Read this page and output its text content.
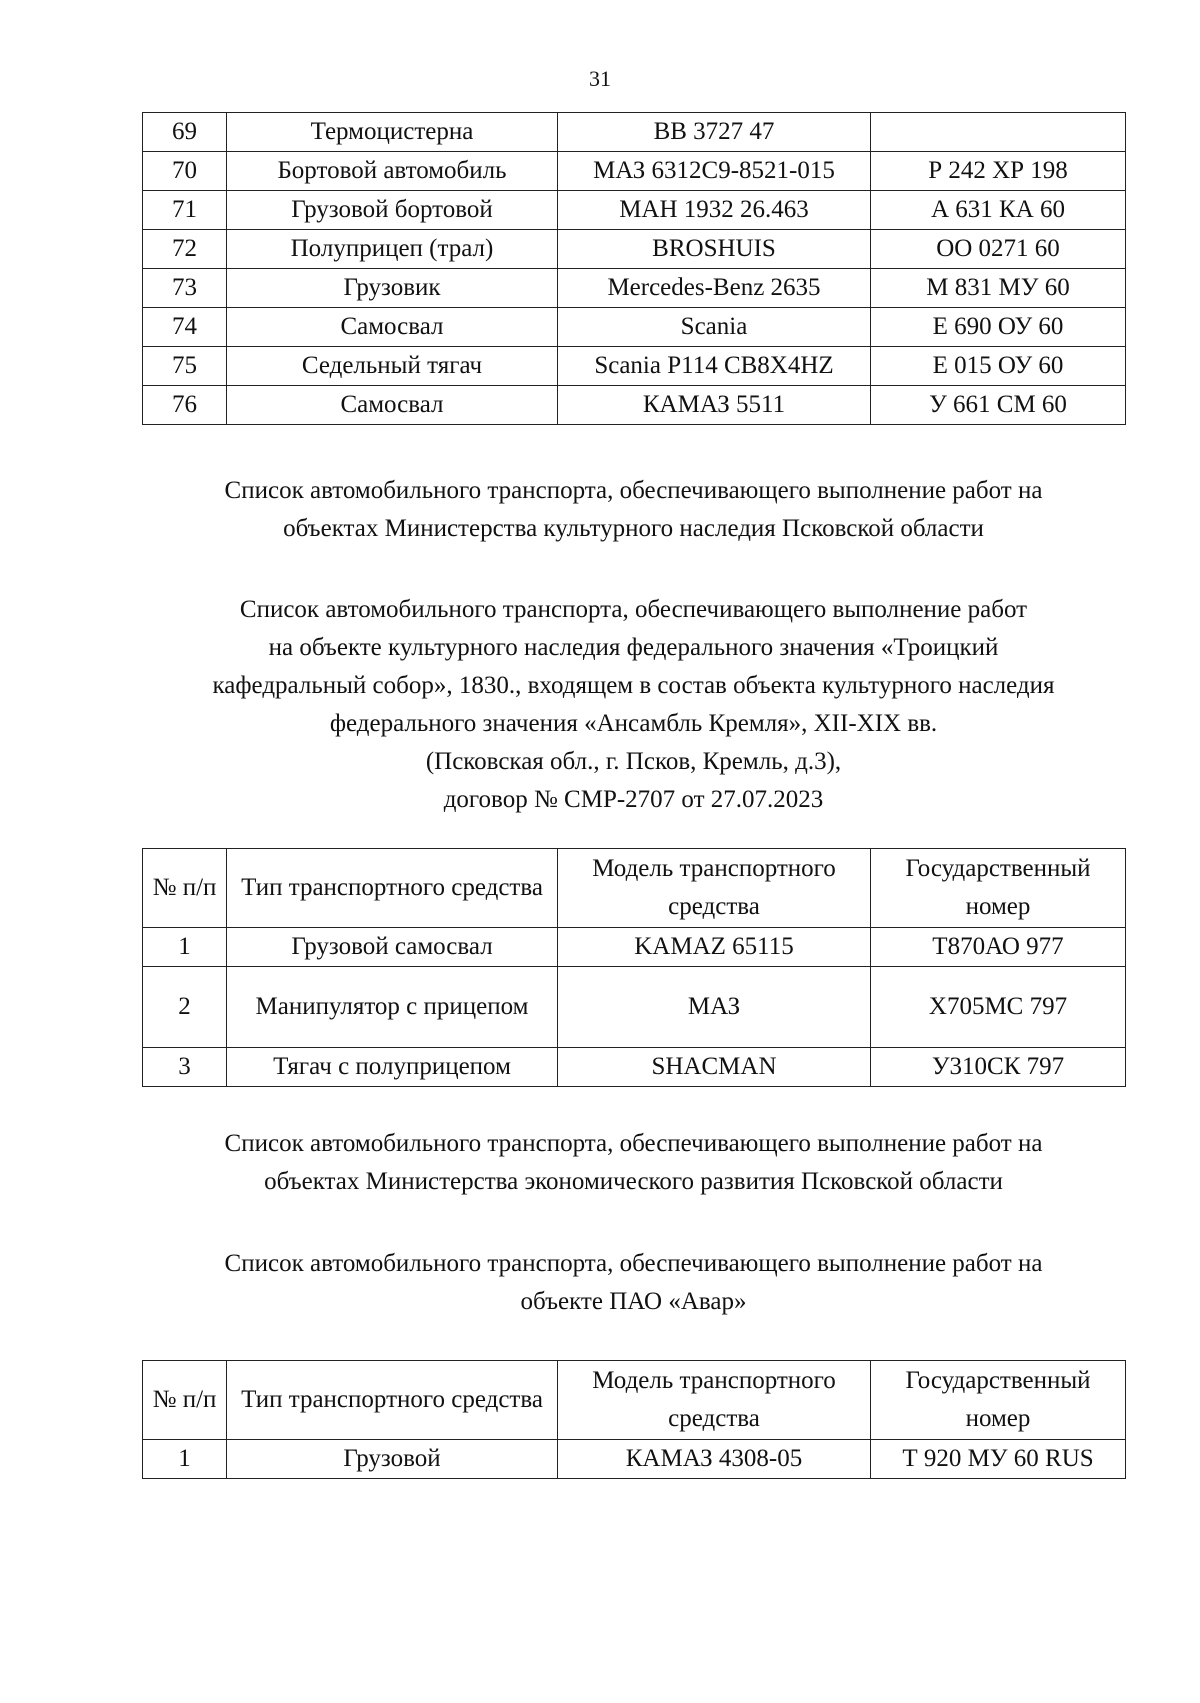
31
69	Термоцистерна	BB 3727 47	
70	Бортовой автомобиль	МАЗ 6312С9-8521-015	Р 242 ХР 198
71	Грузовой бортовой	МАН 1932 26.463	А 631 КА 60
72	Полуприцеп (трал)	BROSHUIS	ОО 0271 60
73	Грузовик	Mercedes-Benz 2635	М 831 МУ 60
74	Самосвал	Scania	Е 690 ОУ 60
75	Седельный тягач	Scania P114 CB8X4HZ	Е 015 ОУ 60
76	Самосвал	КАМАЗ 5511	У 661 СМ 60
Список автомобильного транспорта, обеспечивающего выполнение работ на
объектах Министерства культурного наследия Псковской области
Список автомобильного транспорта, обеспечивающего выполнение работ
на объекте культурного наследия федерального значения «Троицкий
кафедральный собор», 1830., входящем в состав объекта культурного наследия
федерального значения «Ансамбль Кремля», XII-XIX вв.
(Псковская обл., г. Псков, Кремль, д.3),
договор № СМР-2707 от 27.07.2023
№ п/п	Тип транспортного средства	Модель транспортного средства	Государственный номер
1	Грузовой самосвал	KAMAZ 65115	Т870АО 977
2	Манипулятор с прицепом	МАЗ	Х705МС 797
3	Тягач с полуприцепом	SHACMAN	У310СК 797
Список автомобильного транспорта, обеспечивающего выполнение работ на
объектах Министерства экономического развития Псковской области
Список автомобильного транспорта, обеспечивающего выполнение работ на
объекте ПАО «Авар»
№ п/п	Тип транспортного средства	Модель транспортного средства	Государственный номер
1	Грузовой	КАМАЗ 4308-05	Т 920 МУ 60 RUS
